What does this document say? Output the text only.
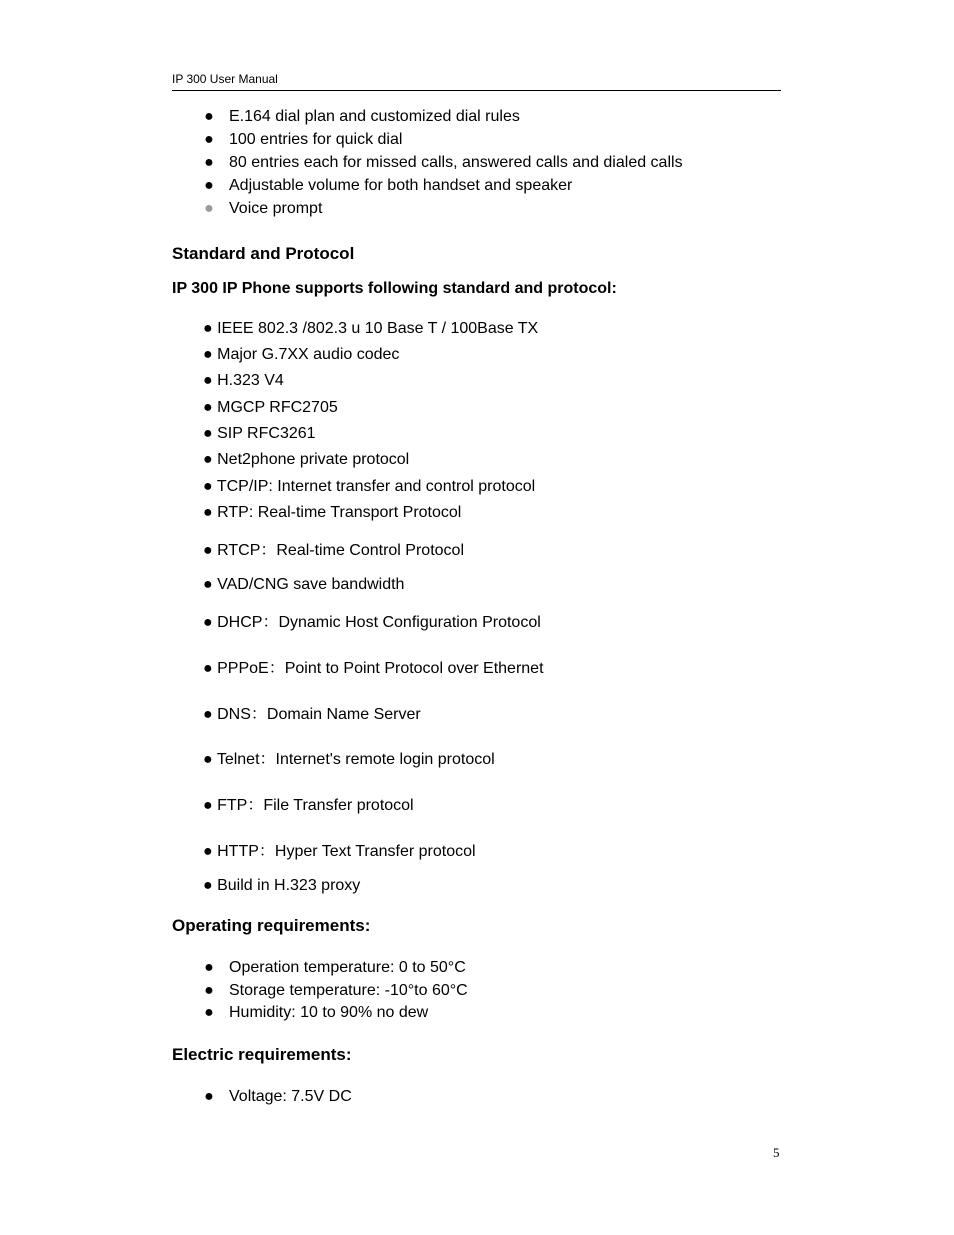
IP 300 User Manual
● E.164 dial plan and customized dial rules
● 100 entries for quick dial
● 80 entries each for missed calls, answered calls and dialed calls
● Adjustable volume for both handset and speaker
● Voice prompt
Standard and Protocol
IP 300 IP Phone supports following standard and protocol:
● IEEE 802.3 /802.3 u 10 Base T / 100Base TX
● Major G.7XX audio codec
● H.323 V4
● MGCP RFC2705
● SIP RFC3261
● Net2phone private protocol
● TCP/IP: Internet transfer and control protocol
● RTP: Real-time Transport Protocol
● RTCP：Real-time Control Protocol
● VAD/CNG save bandwidth
● DHCP：Dynamic Host Configuration Protocol
● PPPoE：Point to Point Protocol over Ethernet
● DNS：Domain Name Server
● Telnet：Internet's remote login protocol
● FTP：File Transfer protocol
● HTTP：Hyper Text Transfer protocol
● Build in H.323 proxy
Operating requirements:
● Operation temperature: 0 to 50°C
● Storage temperature: -10°to 60°C
● Humidity: 10 to 90% no dew
Electric requirements:
● Voltage: 7.5V DC
5
